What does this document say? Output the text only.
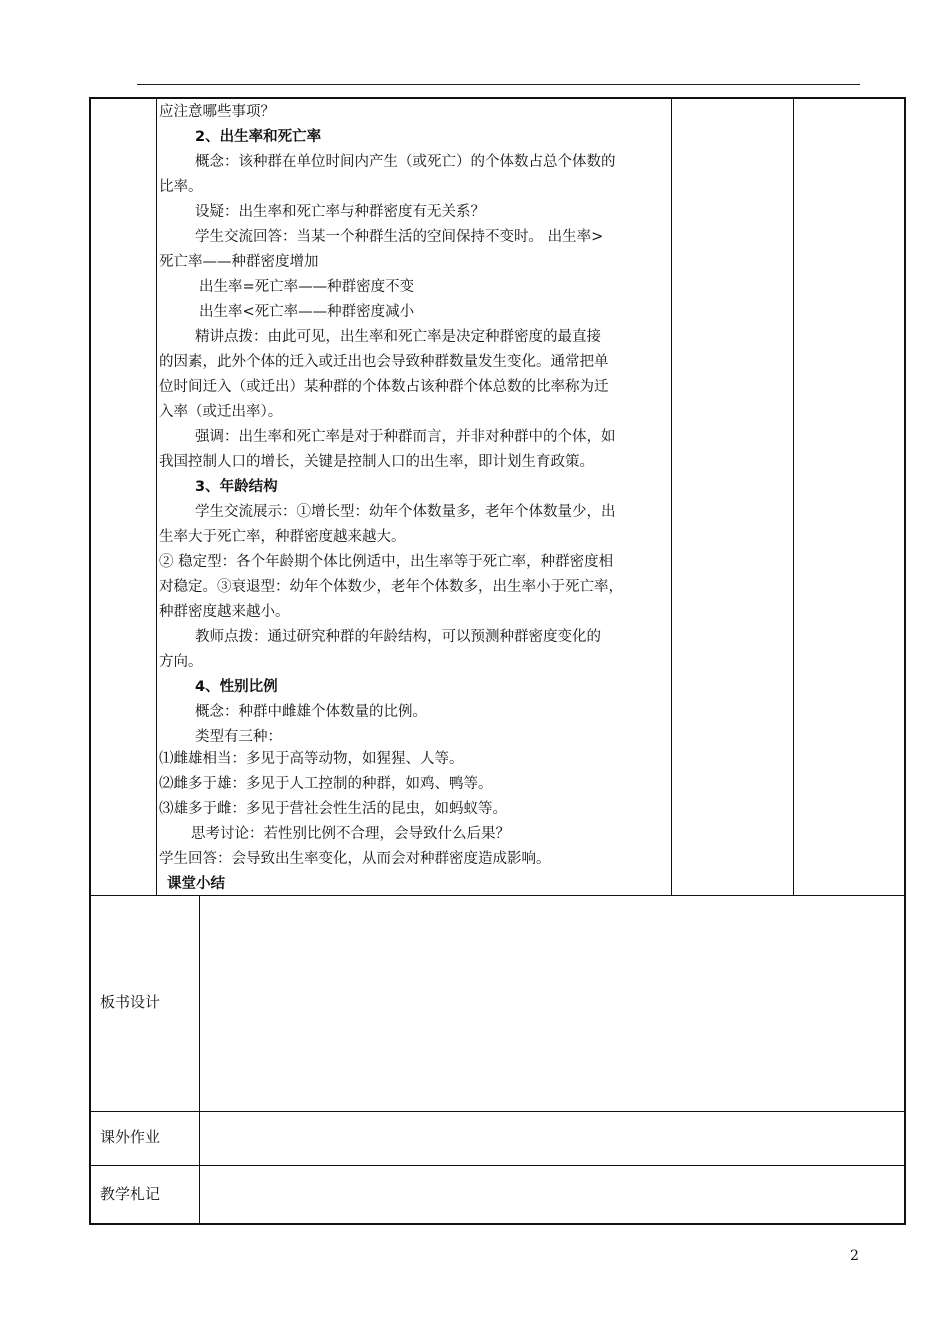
应注意哪些事项？
2、出生率和死亡率
概念：该种群在单位时间内产生（或死亡）的个体数占总个体数的
比率。
设疑：出生率和死亡率与种群密度有无关系？
学生交流回答：当某一个种群生活的空间保持不变时。 出生率>
死亡率——种群密度增加
出生率=死亡率——种群密度不变
出生率<死亡率——种群密度减小
精讲点拨：由此可见，出生率和死亡率是决定种群密度的最直接
的因素，此外个体的迁入或迁出也会导致种群数量发生变化。通常把单
位时间迁入（或迁出）某种群的个体数占该种群个体总数的比率称为迁
入率（或迁出率）。
强调：出生率和死亡率是对于种群而言，并非对种群中的个体，如
我国控制人口的增长，关键是控制人口的出生率，即计划生育政策。
3、年龄结构
学生交流展示：①增长型：幼年个体数量多，老年个体数量少，出
生率大于死亡率，种群密度越来越大。
② 稳定型：各个年龄期个体比例适中，出生率等于死亡率，种群密度相
对稳定。③衰退型：幼年个体数少，老年个体数多，出生率小于死亡率，
种群密度越来越小。
教师点拨：通过研究种群的年龄结构，可以预测种群密度变化的
方向。
4、性别比例
概念：种群中雌雄个体数量的比例。
类型有三种：
⑴雌雄相当：多见于高等动物，如猩猩、人等。
⑵雌多于雄：多见于人工控制的种群，如鸡、鸭等。
⑶雄多于雌：多见于营社会性生活的昆虫，如蚂蚁等。
思考讨论：若性别比例不合理，会导致什么后果？
学生回答：会导致出生率变化，从而会对种群密度造成影响。
课堂小结
板书设计
课外作业
教学札记
2
